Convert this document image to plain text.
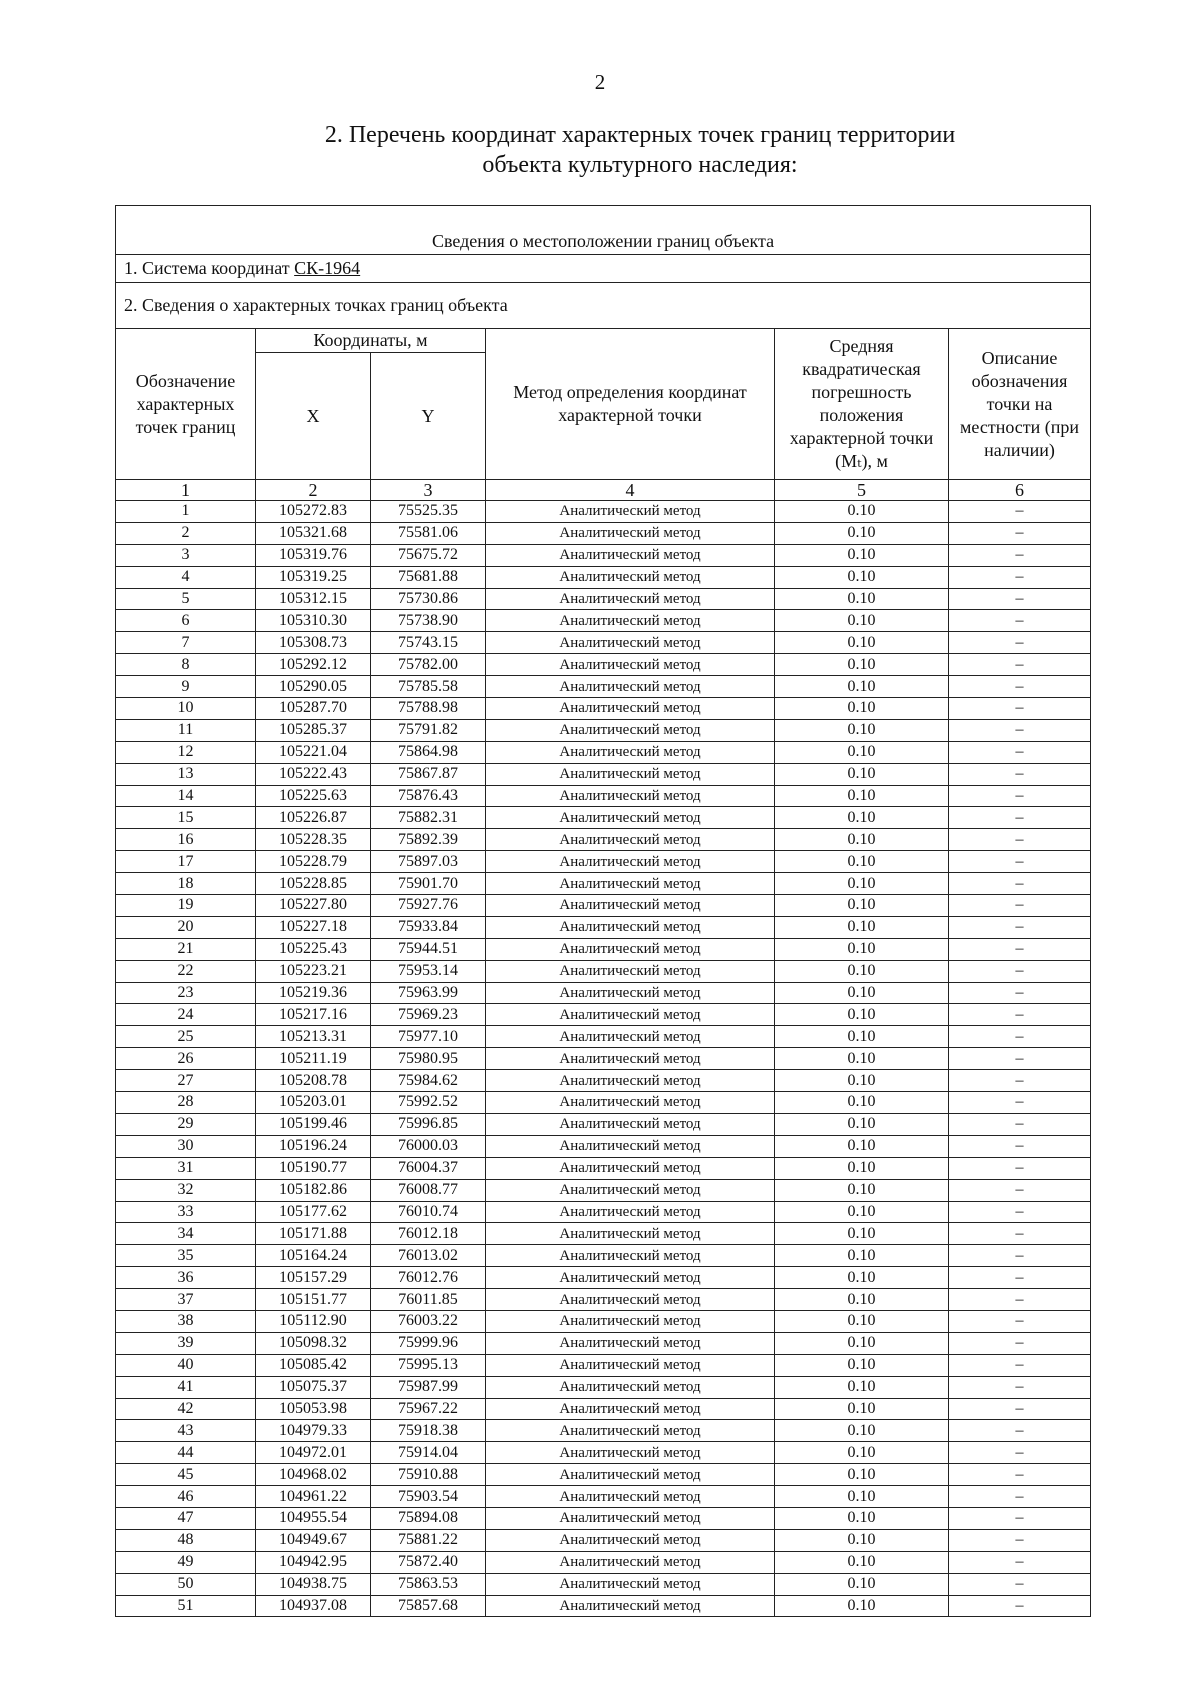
2
2. Перечень координат характерных точек границ территории
объекта культурного наследия:
Сведения о местоположении границ объекта					
1. Система координат СК-1964					
2. Сведения о характерных точках границ объекта					
Обозначение характерных точек границ	Координаты, м		Метод определения координат характерной точки	Средняя квадратическая погрешность положения характерной точки (Mₜ), м	Описание обозначения точки на местности (при наличии)
	X	Y			
1	2	3	4	5	6
1	105272.83	75525.35	Аналитический метод	0.10	–
2	105321.68	75581.06	Аналитический метод	0.10	–
3	105319.76	75675.72	Аналитический метод	0.10	–
4	105319.25	75681.88	Аналитический метод	0.10	–
5	105312.15	75730.86	Аналитический метод	0.10	–
6	105310.30	75738.90	Аналитический метод	0.10	–
7	105308.73	75743.15	Аналитический метод	0.10	–
8	105292.12	75782.00	Аналитический метод	0.10	–
9	105290.05	75785.58	Аналитический метод	0.10	–
10	105287.70	75788.98	Аналитический метод	0.10	–
11	105285.37	75791.82	Аналитический метод	0.10	–
12	105221.04	75864.98	Аналитический метод	0.10	–
13	105222.43	75867.87	Аналитический метод	0.10	–
14	105225.63	75876.43	Аналитический метод	0.10	–
15	105226.87	75882.31	Аналитический метод	0.10	–
16	105228.35	75892.39	Аналитический метод	0.10	–
17	105228.79	75897.03	Аналитический метод	0.10	–
18	105228.85	75901.70	Аналитический метод	0.10	–
19	105227.80	75927.76	Аналитический метод	0.10	–
20	105227.18	75933.84	Аналитический метод	0.10	–
21	105225.43	75944.51	Аналитический метод	0.10	–
22	105223.21	75953.14	Аналитический метод	0.10	–
23	105219.36	75963.99	Аналитический метод	0.10	–
24	105217.16	75969.23	Аналитический метод	0.10	–
25	105213.31	75977.10	Аналитический метод	0.10	–
26	105211.19	75980.95	Аналитический метод	0.10	–
27	105208.78	75984.62	Аналитический метод	0.10	–
28	105203.01	75992.52	Аналитический метод	0.10	–
29	105199.46	75996.85	Аналитический метод	0.10	–
30	105196.24	76000.03	Аналитический метод	0.10	–
31	105190.77	76004.37	Аналитический метод	0.10	–
32	105182.86	76008.77	Аналитический метод	0.10	–
33	105177.62	76010.74	Аналитический метод	0.10	–
34	105171.88	76012.18	Аналитический метод	0.10	–
35	105164.24	76013.02	Аналитический метод	0.10	–
36	105157.29	76012.76	Аналитический метод	0.10	–
37	105151.77	76011.85	Аналитический метод	0.10	–
38	105112.90	76003.22	Аналитический метод	0.10	–
39	105098.32	75999.96	Аналитический метод	0.10	–
40	105085.42	75995.13	Аналитический метод	0.10	–
41	105075.37	75987.99	Аналитический метод	0.10	–
42	105053.98	75967.22	Аналитический метод	0.10	–
43	104979.33	75918.38	Аналитический метод	0.10	–
44	104972.01	75914.04	Аналитический метод	0.10	–
45	104968.02	75910.88	Аналитический метод	0.10	–
46	104961.22	75903.54	Аналитический метод	0.10	–
47	104955.54	75894.08	Аналитический метод	0.10	–
48	104949.67	75881.22	Аналитический метод	0.10	–
49	104942.95	75872.40	Аналитический метод	0.10	–
50	104938.75	75863.53	Аналитический метод	0.10	–
51	104937.08	75857.68	Аналитический метод	0.10	–
